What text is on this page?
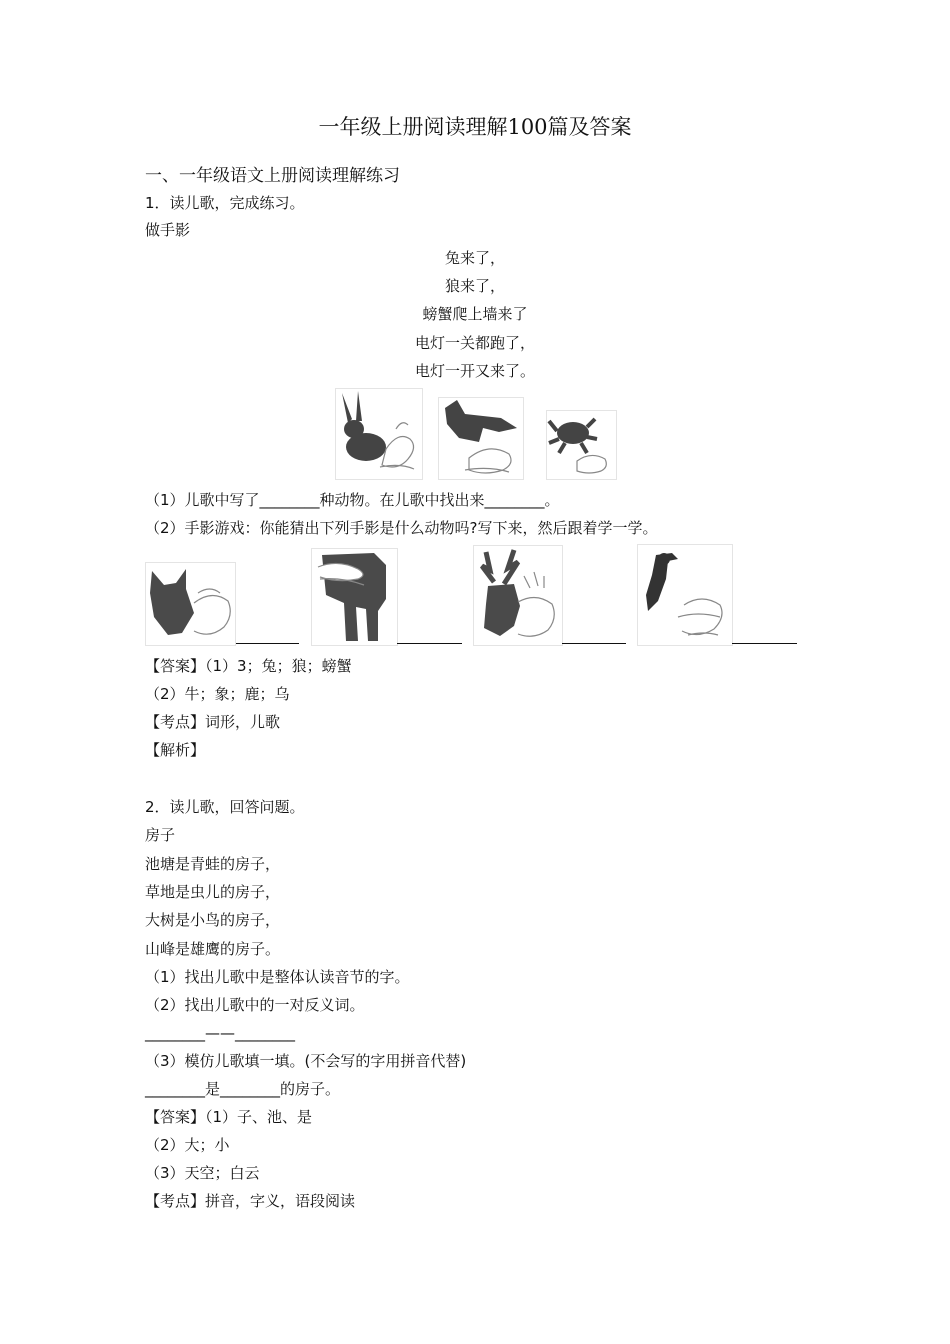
一年级上册阅读理解100篇及答案
一、一年级语文上册阅读理解练习
1．读儿歌，完成练习。
做手影
兔来了，
狼来了，
螃蟹爬上墙来了
电灯一关都跑了，
电灯一开又来了。
（1）儿歌中写了________种动物。在儿歌中找出来________。
（2）手影游戏：你能猜出下列手影是什么动物吗?写下来，然后跟着学一学。
【答案】（1）3；兔；狼；螃蟹
（2）牛；象；鹿；乌
【考点】词形，儿歌
【解析】
2．读儿歌，回答问题。
房子
池塘是青蛙的房子，
草地是虫儿的房子，
大树是小鸟的房子，
山峰是雄鹰的房子。
（1）找出儿歌中是整体认读音节的字。
（2）找出儿歌中的一对反义词。
________——________
（3）模仿儿歌填一填。(不会写的字用拼音代替)
________是________的房子。
【答案】（1）子、池、是
（2）大；小
（3）天空；白云
【考点】拼音，字义，语段阅读
